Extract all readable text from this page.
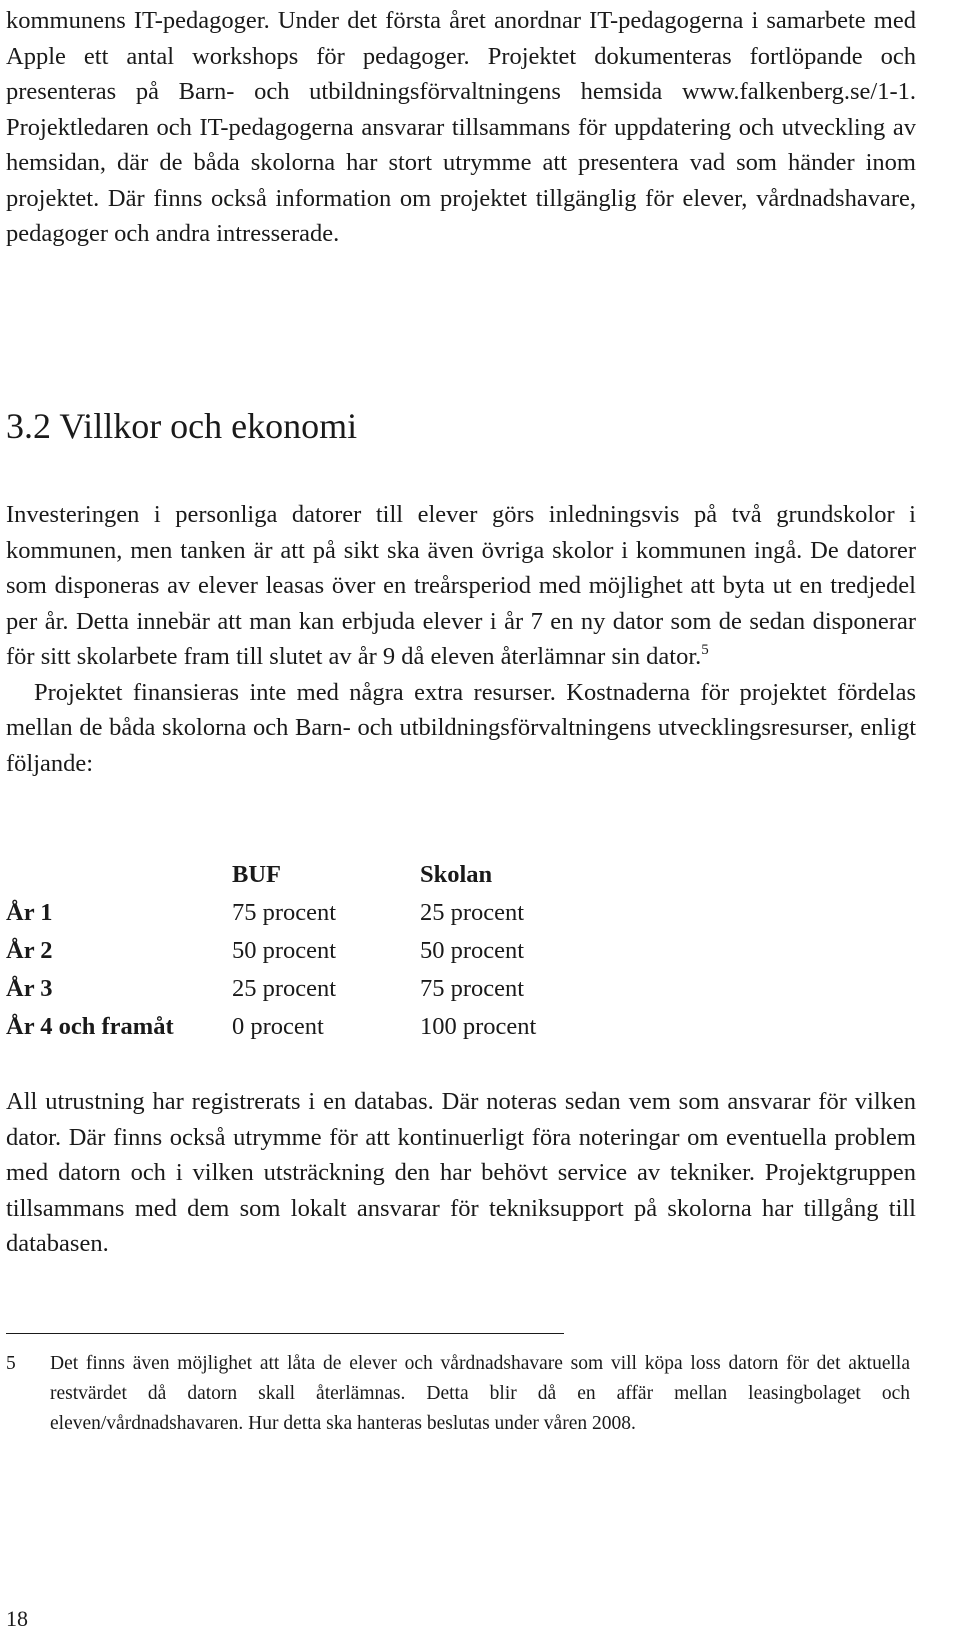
kommunens IT-pedagoger. Under det första året anordnar IT-pedagogerna i samarbete med Apple ett antal workshops för pedagoger. Projektet dokumenteras fortlöpande och presenteras på Barn- och utbildningsförvaltningens hemsida www.falkenberg.se/1-1. Projektledaren och IT-pedagogerna ansvarar tillsammans för uppdatering och utveckling av hemsidan, där de båda skolorna har stort utrymme att presentera vad som händer inom projektet. Där finns också information om projektet tillgänglig för elever, vårdnadshavare, pedagoger och andra intresserade.

3.2 Villkor och ekonomi

Investeringen i personliga datorer till elever görs inledningsvis på två grundskolor i kommunen, men tanken är att på sikt ska även övriga skolor i kommunen ingå. De datorer som disponeras av elever leasas över en treårsperiod med möjlighet att byta ut en tredjedel per år. Detta innebär att man kan erbjuda elever i år 7 en ny dator som de sedan disponerar för sitt skolarbete fram till slutet av år 9 då eleven återlämnar sin dator.$^5$

Projektet finansieras inte med några extra resurser. Kostnaderna för projektet fördelas mellan de båda skolorna och Barn- och utbildningsförvaltningens utvecklingsresurser, enligt följande:

	BUF	Skolan
År 1	75 procent	25 procent
År 2	50 procent	50 procent
År 3	25 procent	75 procent
År 4 och framåt	0 procent	100 procent

All utrustning har registrerats i en databas. Där noteras sedan vem som ansvarar för vilken dator. Där finns också utrymme för att kontinuerligt föra noteringar om eventuella problem med datorn och i vilken utsträckning den har behövt service av tekniker. Projektgruppen tillsammans med dem som lokalt ansvarar för tekniksupport på skolorna har tillgång till databasen.

5 Det finns även möjlighet att låta de elever och vårdnadshavare som vill köpa loss datorn för det aktuella restvärdet då datorn skall återlämnas. Detta blir då en affär mellan leasingbolaget och eleven/vårdnadshavaren. Hur detta ska hanteras beslutas under våren 2008.

18
